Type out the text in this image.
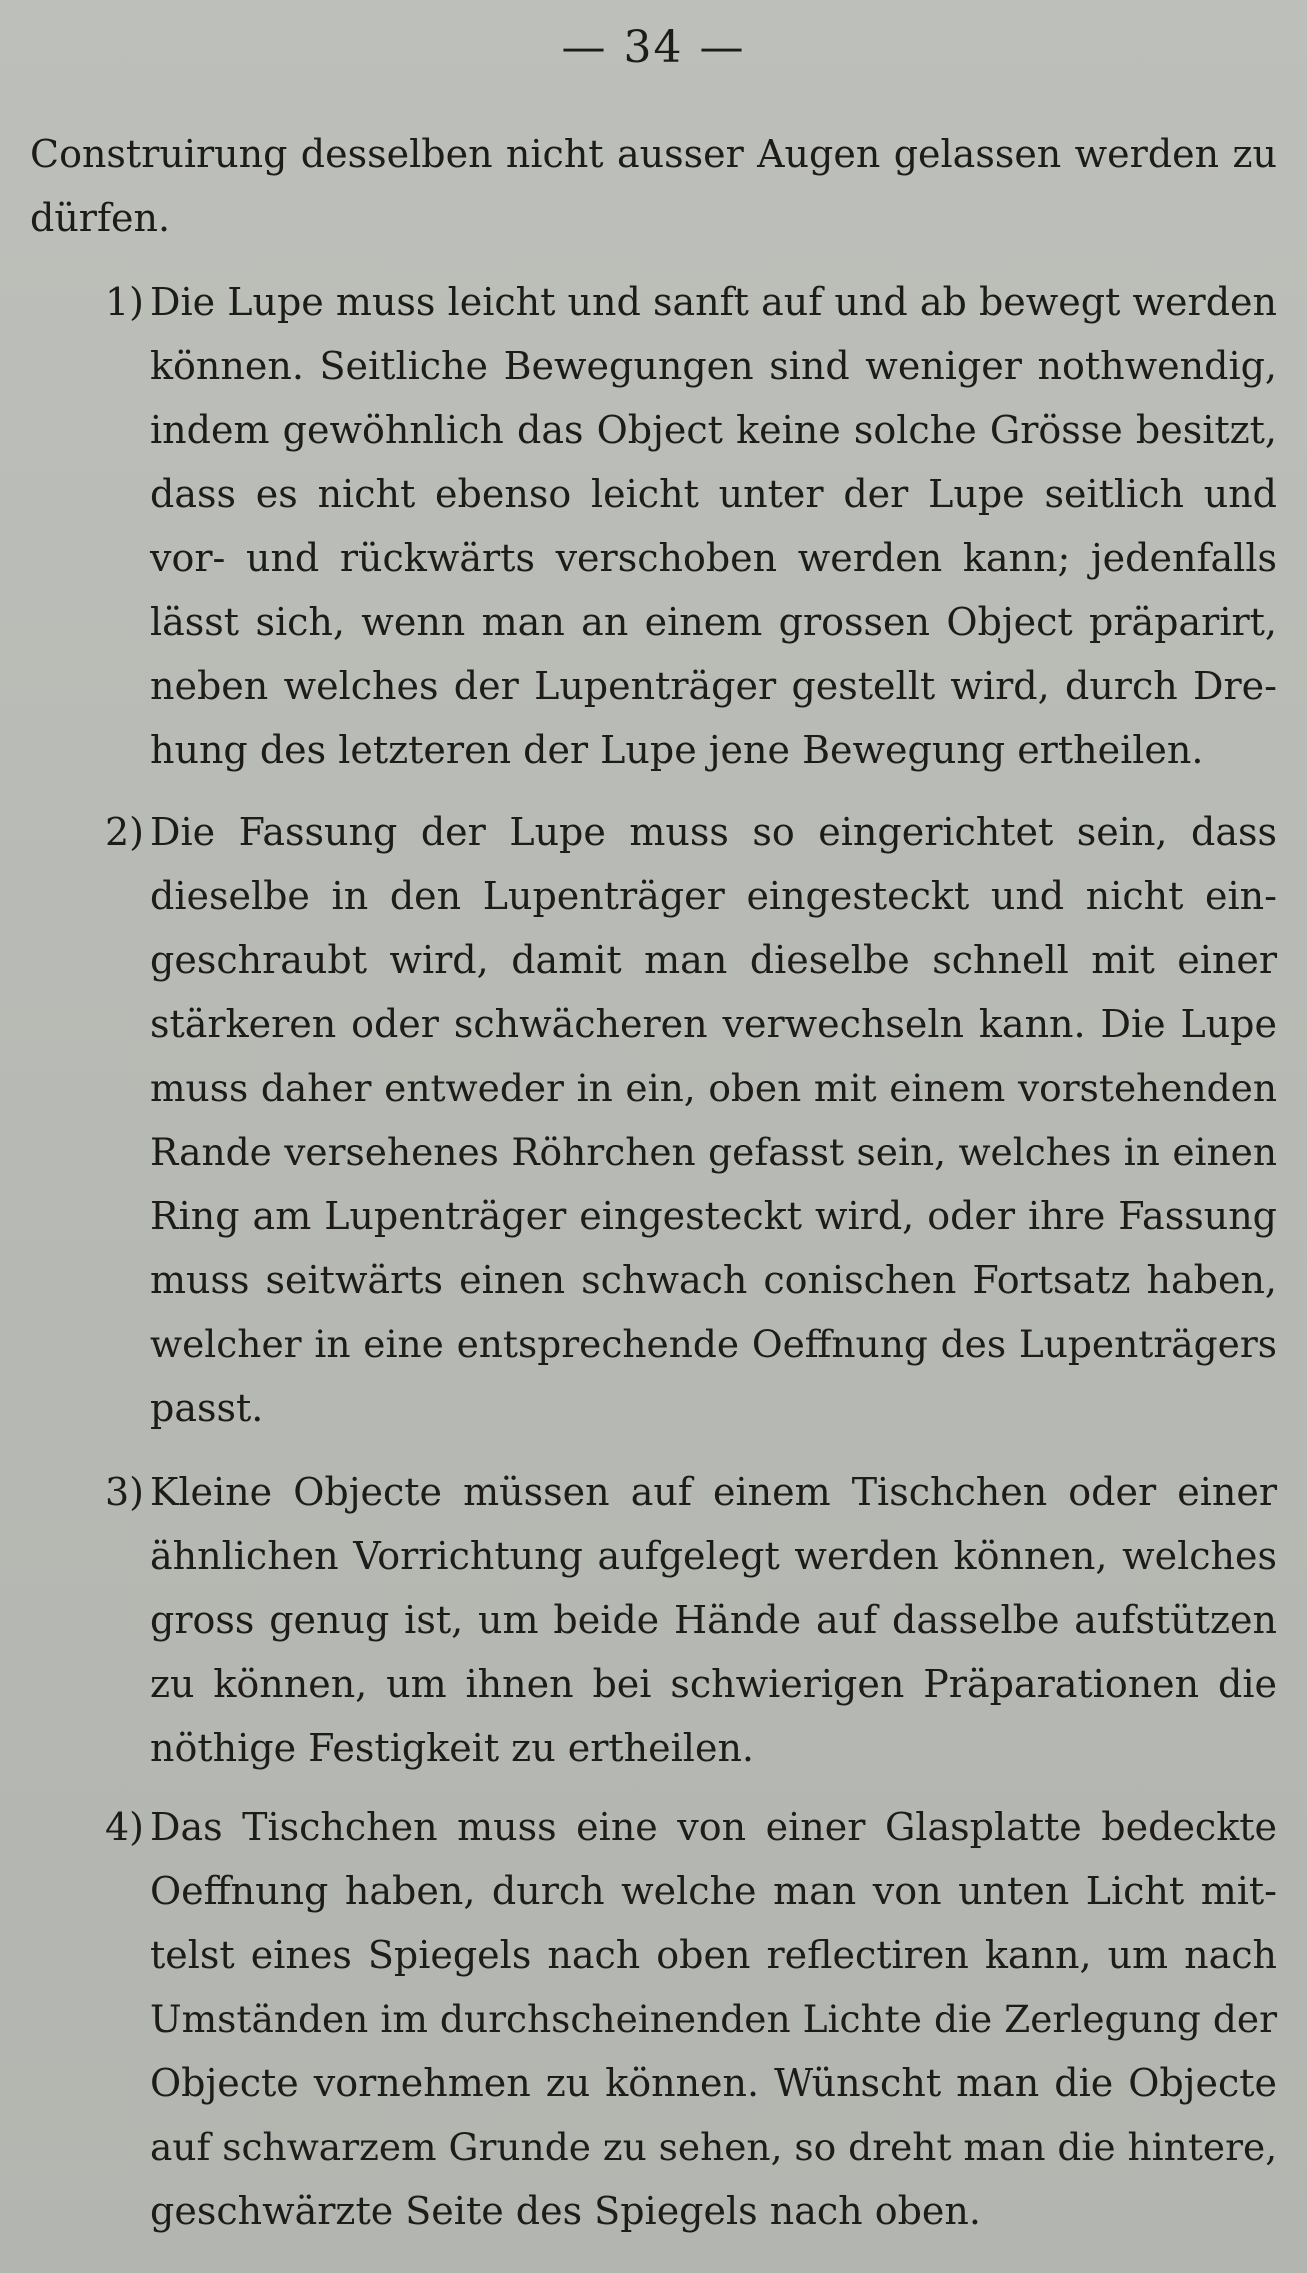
— 34 —
Construirung desselben nicht ausser Augen gelassen werden zu
dürfen.
1) Die Lupe muss leicht und sanft auf und ab bewegt werden
können. Seitliche Bewegungen sind weniger nothwendig,
indem gewöhnlich das Object keine solche Grösse besitzt,
dass es nicht ebenso leicht unter der Lupe seitlich und
vor- und rückwärts verschoben werden kann; jedenfalls
lässt sich, wenn man an einem grossen Object präparirt,
neben welches der Lupenträger gestellt wird, durch Dre-
hung des letzteren der Lupe jene Bewegung ertheilen.
2) Die Fassung der Lupe muss so eingerichtet sein, dass
dieselbe in den Lupenträger eingesteckt und nicht ein-
geschraubt wird, damit man dieselbe schnell mit einer
stärkeren oder schwächeren verwechseln kann. Die Lupe
muss daher entweder in ein, oben mit einem vorstehenden
Rande versehenes Röhrchen gefasst sein, welches in einen
Ring am Lupenträger eingesteckt wird, oder ihre Fassung
muss seitwärts einen schwach conischen Fortsatz haben,
welcher in eine entsprechende Oeffnung des Lupenträgers
passt.
3) Kleine Objecte müssen auf einem Tischchen oder einer
ähnlichen Vorrichtung aufgelegt werden können, welches
gross genug ist, um beide Hände auf dasselbe aufstützen
zu können, um ihnen bei schwierigen Präparationen die
nöthige Festigkeit zu ertheilen.
4) Das Tischchen muss eine von einer Glasplatte bedeckte
Oeffnung haben, durch welche man von unten Licht mit-
telst eines Spiegels nach oben reflectiren kann, um nach
Umständen im durchscheinenden Lichte die Zerlegung der
Objecte vornehmen zu können. Wünscht man die Objecte
auf schwarzem Grunde zu sehen, so dreht man die hintere,
geschwärzte Seite des Spiegels nach oben.
